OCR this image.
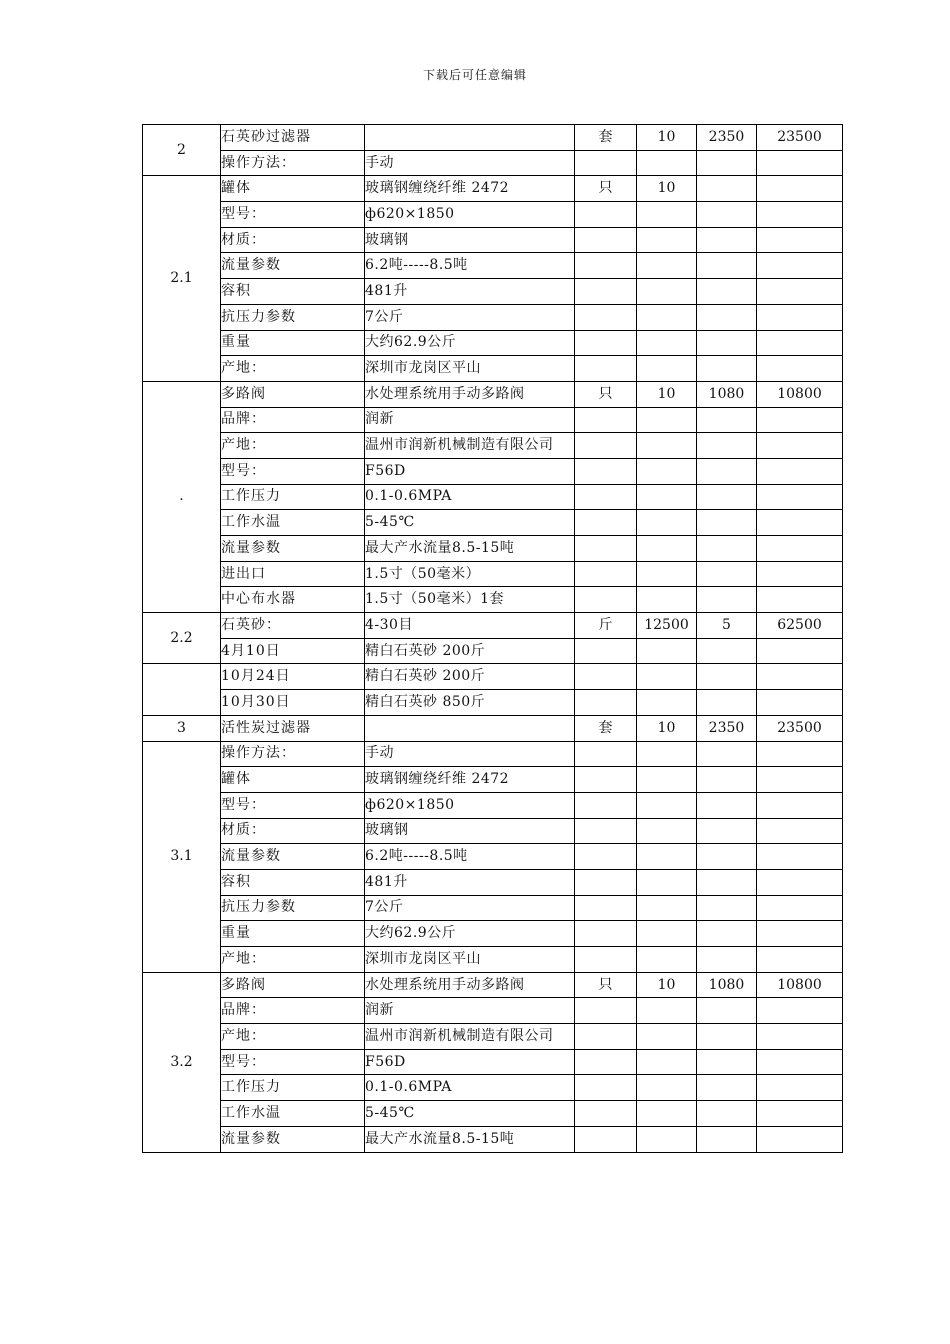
下载后可任意编辑
2	石英砂过滤器		套	10	2350	23500
	操作方法：	手动				
2.1	罐体	玻璃钢缠绕纤维 2472	只	10		
	型号：	ф620×1850				
	材质：	玻璃钢				
	流量参数	6.2吨-----8.5吨				
	容积	481升				
	抗压力参数	7公斤				
	重量	大约62.9公斤				
	产地：	深圳市龙岗区平山				
.	多路阀	水处理系统用手动多路阀	只	10	1080	10800
	品牌：	润新				
	产地：	温州市润新机械制造有限公司				
	型号：	F56D				
	工作压力	0.1-0.6MPA				
	工作水温	5-45℃				
	流量参数	最大产水流量8.5-15吨				
	进出口	1.5寸（50毫米）				
	中心布水器	1.5寸（50毫米）1套				
2.2	石英砂：	4-30目	斤	12500	5	62500
	4月10日	精白石英砂 200斤				
	10月24日	精白石英砂 200斤				
	10月30日	精白石英砂 850斤				
3	活性炭过滤器		套	10	2350	23500
3.1	操作方法：	手动				
	罐体	玻璃钢缠绕纤维 2472				
	型号：	ф620×1850				
	材质：	玻璃钢				
	流量参数	6.2吨-----8.5吨				
	容积	481升				
	抗压力参数	7公斤				
	重量	大约62.9公斤				
	产地：	深圳市龙岗区平山				
3.2	多路阀	水处理系统用手动多路阀	只	10	1080	10800
	品牌：	润新				
	产地：	温州市润新机械制造有限公司				
	型号：	F56D				
	工作压力	0.1-0.6MPA				
	工作水温	5-45℃				
	流量参数	最大产水流量8.5-15吨				
